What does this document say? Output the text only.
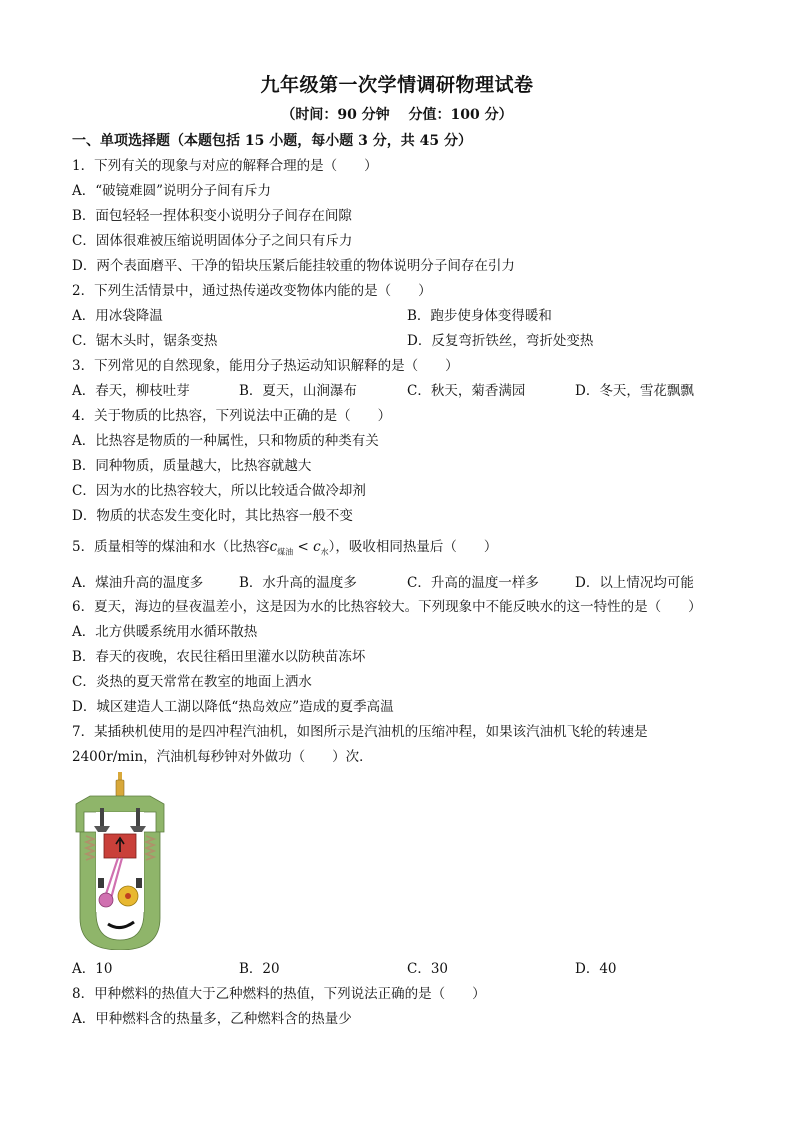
九年级第一次学情调研物理试卷
（时间：90 分钟　 分值：100 分）
一、单项选择题（本题包括 15 小题，每小题 3 分，共 45 分）
1．下列有关的现象与对应的解释合理的是（　　）
A．“破镜难圆”说明分子间有斥力
B．面包轻轻一捏体积变小说明分子间存在间隙
C．固体很难被压缩说明固体分子之间只有斥力
D．两个表面磨平、干净的铅块压紧后能挂较重的物体说明分子间存在引力
2．下列生活情景中，通过热传递改变物体内能的是（　　）
A．用冰袋降温	B．跑步使身体变得暖和
C．锯木头时，锯条变热	D．反复弯折铁丝，弯折处变热
3．下列常见的自然现象，能用分子热运动知识解释的是（　　）
A．春天，柳枝吐芽	B．夏天，山涧瀑布	C．秋天，菊香满园	D．冬天，雪花飘飘
4．关于物质的比热容，下列说法中正确的是（　　）
A．比热容是物质的一种属性，只和物质的种类有关
B．同种物质，质量越大，比热容就越大
C．因为水的比热容较大，所以比较适合做冷却剂
D．物质的状态发生变化时，其比热容一般不变
5．质量相等的煤油和水（比热容$c_{煤油} < c_水$），吸收相同热量后（　　）
A．煤油升高的温度多	B．水升高的温度多	C．升高的温度一样多	D．以上情况均可能
6．夏天，海边的昼夜温差小，这是因为水的比热容较大。下列现象中不能反映水的这一特性的是（　　）
A．北方供暖系统用水循环散热
B．春天的夜晚，农民往稻田里灌水以防秧苗冻坏
C．炎热的夏天常常在教室的地面上洒水
D．城区建造人工湖以降低“热岛效应”造成的夏季高温
7．某插秧机使用的是四冲程汽油机，如图所示是汽油机的压缩冲程，如果该汽油机飞轮的转速是
2400r/min，汽油机每秒钟对外做功（　　）次．
A．10	B．20	C．30	D．40
8．甲种燃料的热值大于乙种燃料的热值，下列说法正确的是（　　）
A．甲种燃料含的热量多，乙种燃料含的热量少
